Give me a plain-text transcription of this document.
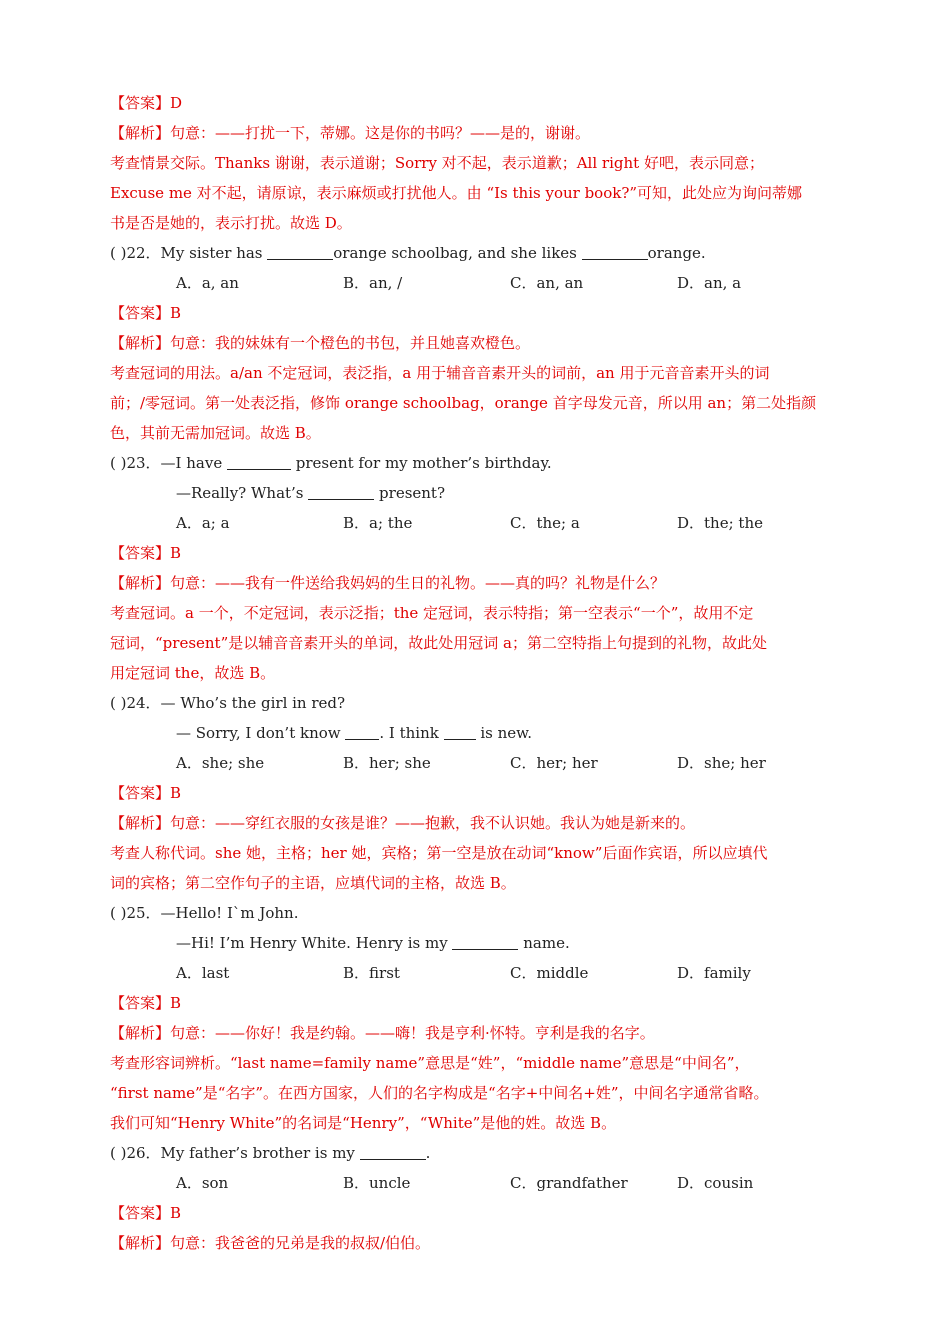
【答案】D
【解析】句意：——打扰一下，蒂娜。这是你的书吗？——是的，谢谢。
考查情景交际。Thanks 谢谢，表示道谢；Sorry 对不起，表示道歉；All right 好吧，表示同意；
Excuse me 对不起，请原谅，表示麻烦或打扰他人。由 “Is this your book?”可知，此处应为询问蒂娜
书是否是她的，表示打扰。故选 D。
( )22．My sister has	orange schoolbag, and she likes	orange.
A．a, an	B．an, /	C．an, an	D．an, a
【答案】B
【解析】句意：我的妹妹有一个橙色的书包，并且她喜欢橙色。
考查冠词的用法。a/an 不定冠词，表泛指，a 用于辅音音素开头的词前，an 用于元音音素开头的词
前；/零冠词。第一处表泛指，修饰 orange schoolbag，orange 首字母发元音，所以用 an；第二处指颜
色，其前无需加冠词。故选 B。
( )23．—I have	present for my mother’s birthday.
—Really? What’s	present?
A．a; a	B．a; the	C．the; a	D．the; the
【答案】B
【解析】句意：——我有一件送给我妈妈的生日的礼物。——真的吗？礼物是什么？
考查冠词。a 一个，不定冠词，表示泛指；the 定冠词，表示特指；第一空表示“一个”，故用不定
冠词，“present”是以辅音音素开头的单词，故此处用冠词 a；第二空特指上句提到的礼物，故此处
用定冠词 the，故选 B。
( )24．— Who’s the girl in red?
— Sorry, I don’t know . I think  is new.
A．she; she	B．her; she	C．her; her	D．she; her
【答案】B
【解析】句意：——穿红衣服的女孩是谁？——抱歉，我不认识她。我认为她是新来的。
考查人称代词。she 她，主格；her 她，宾格；第一空是放在动词“know”后面作宾语，所以应填代
词的宾格；第二空作句子的主语，应填代词的主格，故选 B。
( )25．—Hello! I`m John.
—Hi! I’m Henry White. Henry is my	name.
A．last	B．first	C．middle	D．family
【答案】B
【解析】句意：——你好！我是约翰。——嗨！我是亨利·怀特。亨利是我的名字。
考查形容词辨析。“last name=family name”意思是“姓”，“middle name”意思是“中间名”，
“first name”是“名字”。在西方国家，人们的名字构成是“名字+中间名+姓”，中间名字通常省略。
我们可知“Henry White”的名词是“Henry”，“White”是他的姓。故选 B。
( )26．My father’s brother is my	.
A．son	B．uncle	C．grandfather	D．cousin
【答案】B
【解析】句意：我爸爸的兄弟是我的叔叔/伯伯。
